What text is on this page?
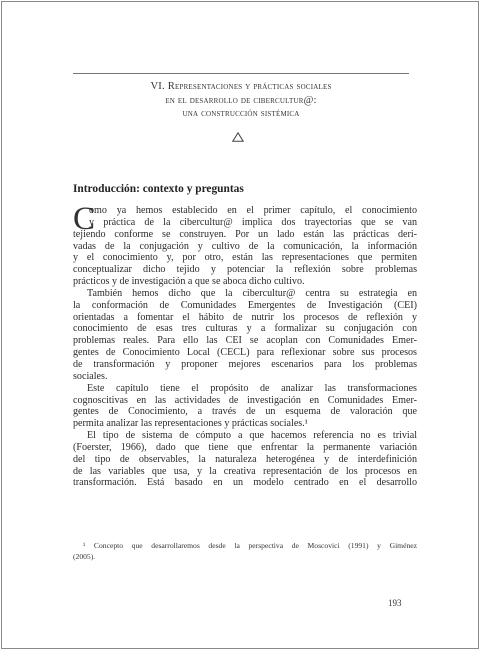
VI. Representaciones y prácticas sociales
en el desarrollo de cibercultur@:
una construcción sistémica
Introducción: contexto y preguntas
C
omo ya hemos establecido en el primer capítulo, el conocimiento
y práctica de la cibercultur@ implica dos trayectorias que se van
tejiendo conforme se construyen. Por un lado están las prácticas deri-
vadas de la conjugación y cultivo de la comunicación, la información
y el conocimiento y, por otro, están las representaciones que permiten
conceptualizar dicho tejido y potenciar la reflexión sobre problemas
prácticos y de investigación a que se aboca dicho cultivo.
También hemos dicho que la cibercultur@ centra su estrategia en
la conformación de Comunidades Emergentes de Investigación (CEI)
orientadas a fomentar el hábito de nutrir los procesos de reflexión y
conocimiento de esas tres culturas y a formalizar su conjugación con
problemas reales. Para ello las CEI se acoplan con Comunidades Emer-
gentes de Conocimiento Local (CECL) para reflexionar sobre sus procesos
de transformación y proponer mejores escenarios para los problemas
sociales.
Este capítulo tiene el propósito de analizar las transformaciones
cognoscitivas en las actividades de investigación en Comunidades Emer-
gentes de Conocimiento, a través de un esquema de valoración que
permita analizar las representaciones y prácticas sociales.¹
El tipo de sistema de cómputo a que hacemos referencia no es trivial
(Foerster, 1966), dado que tiene que enfrentar la permanente variación
del tipo de observables, la naturaleza heterogénea y de interdefinición
de las variables que usa, y la creativa representación de los procesos en
transformación. Está basado en un modelo centrado en el desarrollo
¹ Concepto que desarrollaremos desde la perspectiva de Moscovici (1991) y Giménez
(2005).
193
